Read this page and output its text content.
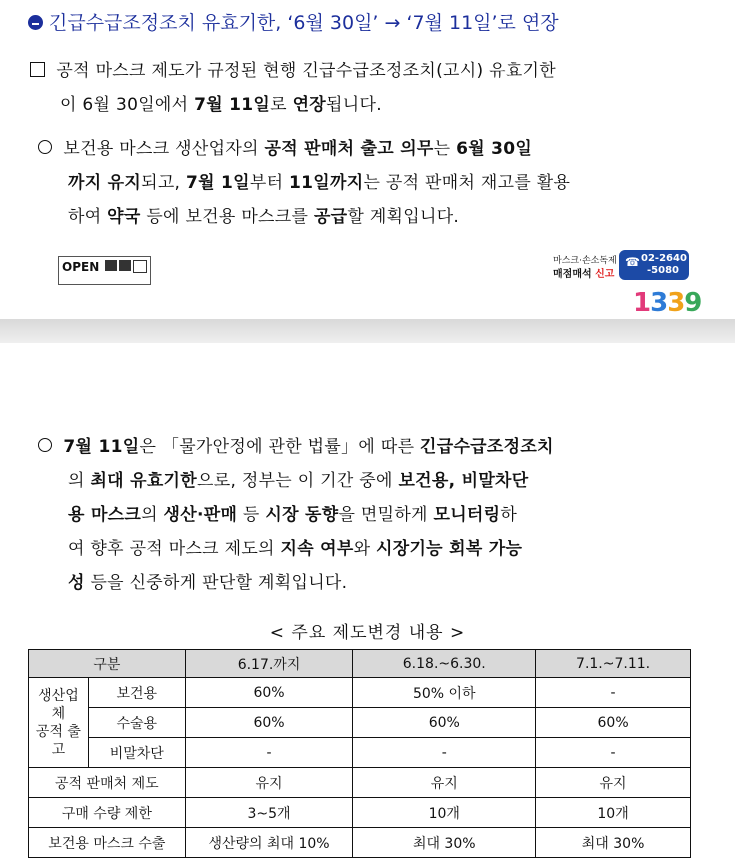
긴급수급조정조치 유효기한, ‘6월 30일’ → ‘7월 11일’로 연장
공적 마스크 제도가 규정된 현행 긴급수급조정조치(고시) 유효기한
이 6월 30일에서 7월 11일로 연장됩니다.
보건용 마스크 생산업자의 공적 판매처 출고 의무는 6월 30일
까지 유지되고, 7월 1일부터 11일까지는 공적 판매처 재고를 활용
하여 약국 등에 보건용 마스크를 공급할 계획입니다.
OPEN	마스크·손소독제
매점매석 신고
☎ 02-2640
-5080
1339
7월 11일은 「물가안정에 관한 법률」에 따른 긴급수급조정조치
의 최대 유효기한으로, 정부는 이 기간 중에 보건용, 비말차단
용 마스크의 생산·판매 등 시장 동향을 면밀하게 모니터링하
여 향후 공적 마스크 제도의 지속 여부와 시장기능 회복 가능
성 등을 신중하게 판단할 계획입니다.
< 주요 제도변경 내용 >
구분		6.17.까지	6.18.~6.30.	7.1.~7.11.
생산업
체
공적 출
고	보건용	60%	50% 이하	-
	수술용	60%	60%	60%
	비말차단	-	-	-
공적 판매처 제도		유지	유지	유지
구매 수량 제한		3~5개	10개	10개
보건용 마스크 수출		생산량의 최대 10%	최대 30%	최대 30%
